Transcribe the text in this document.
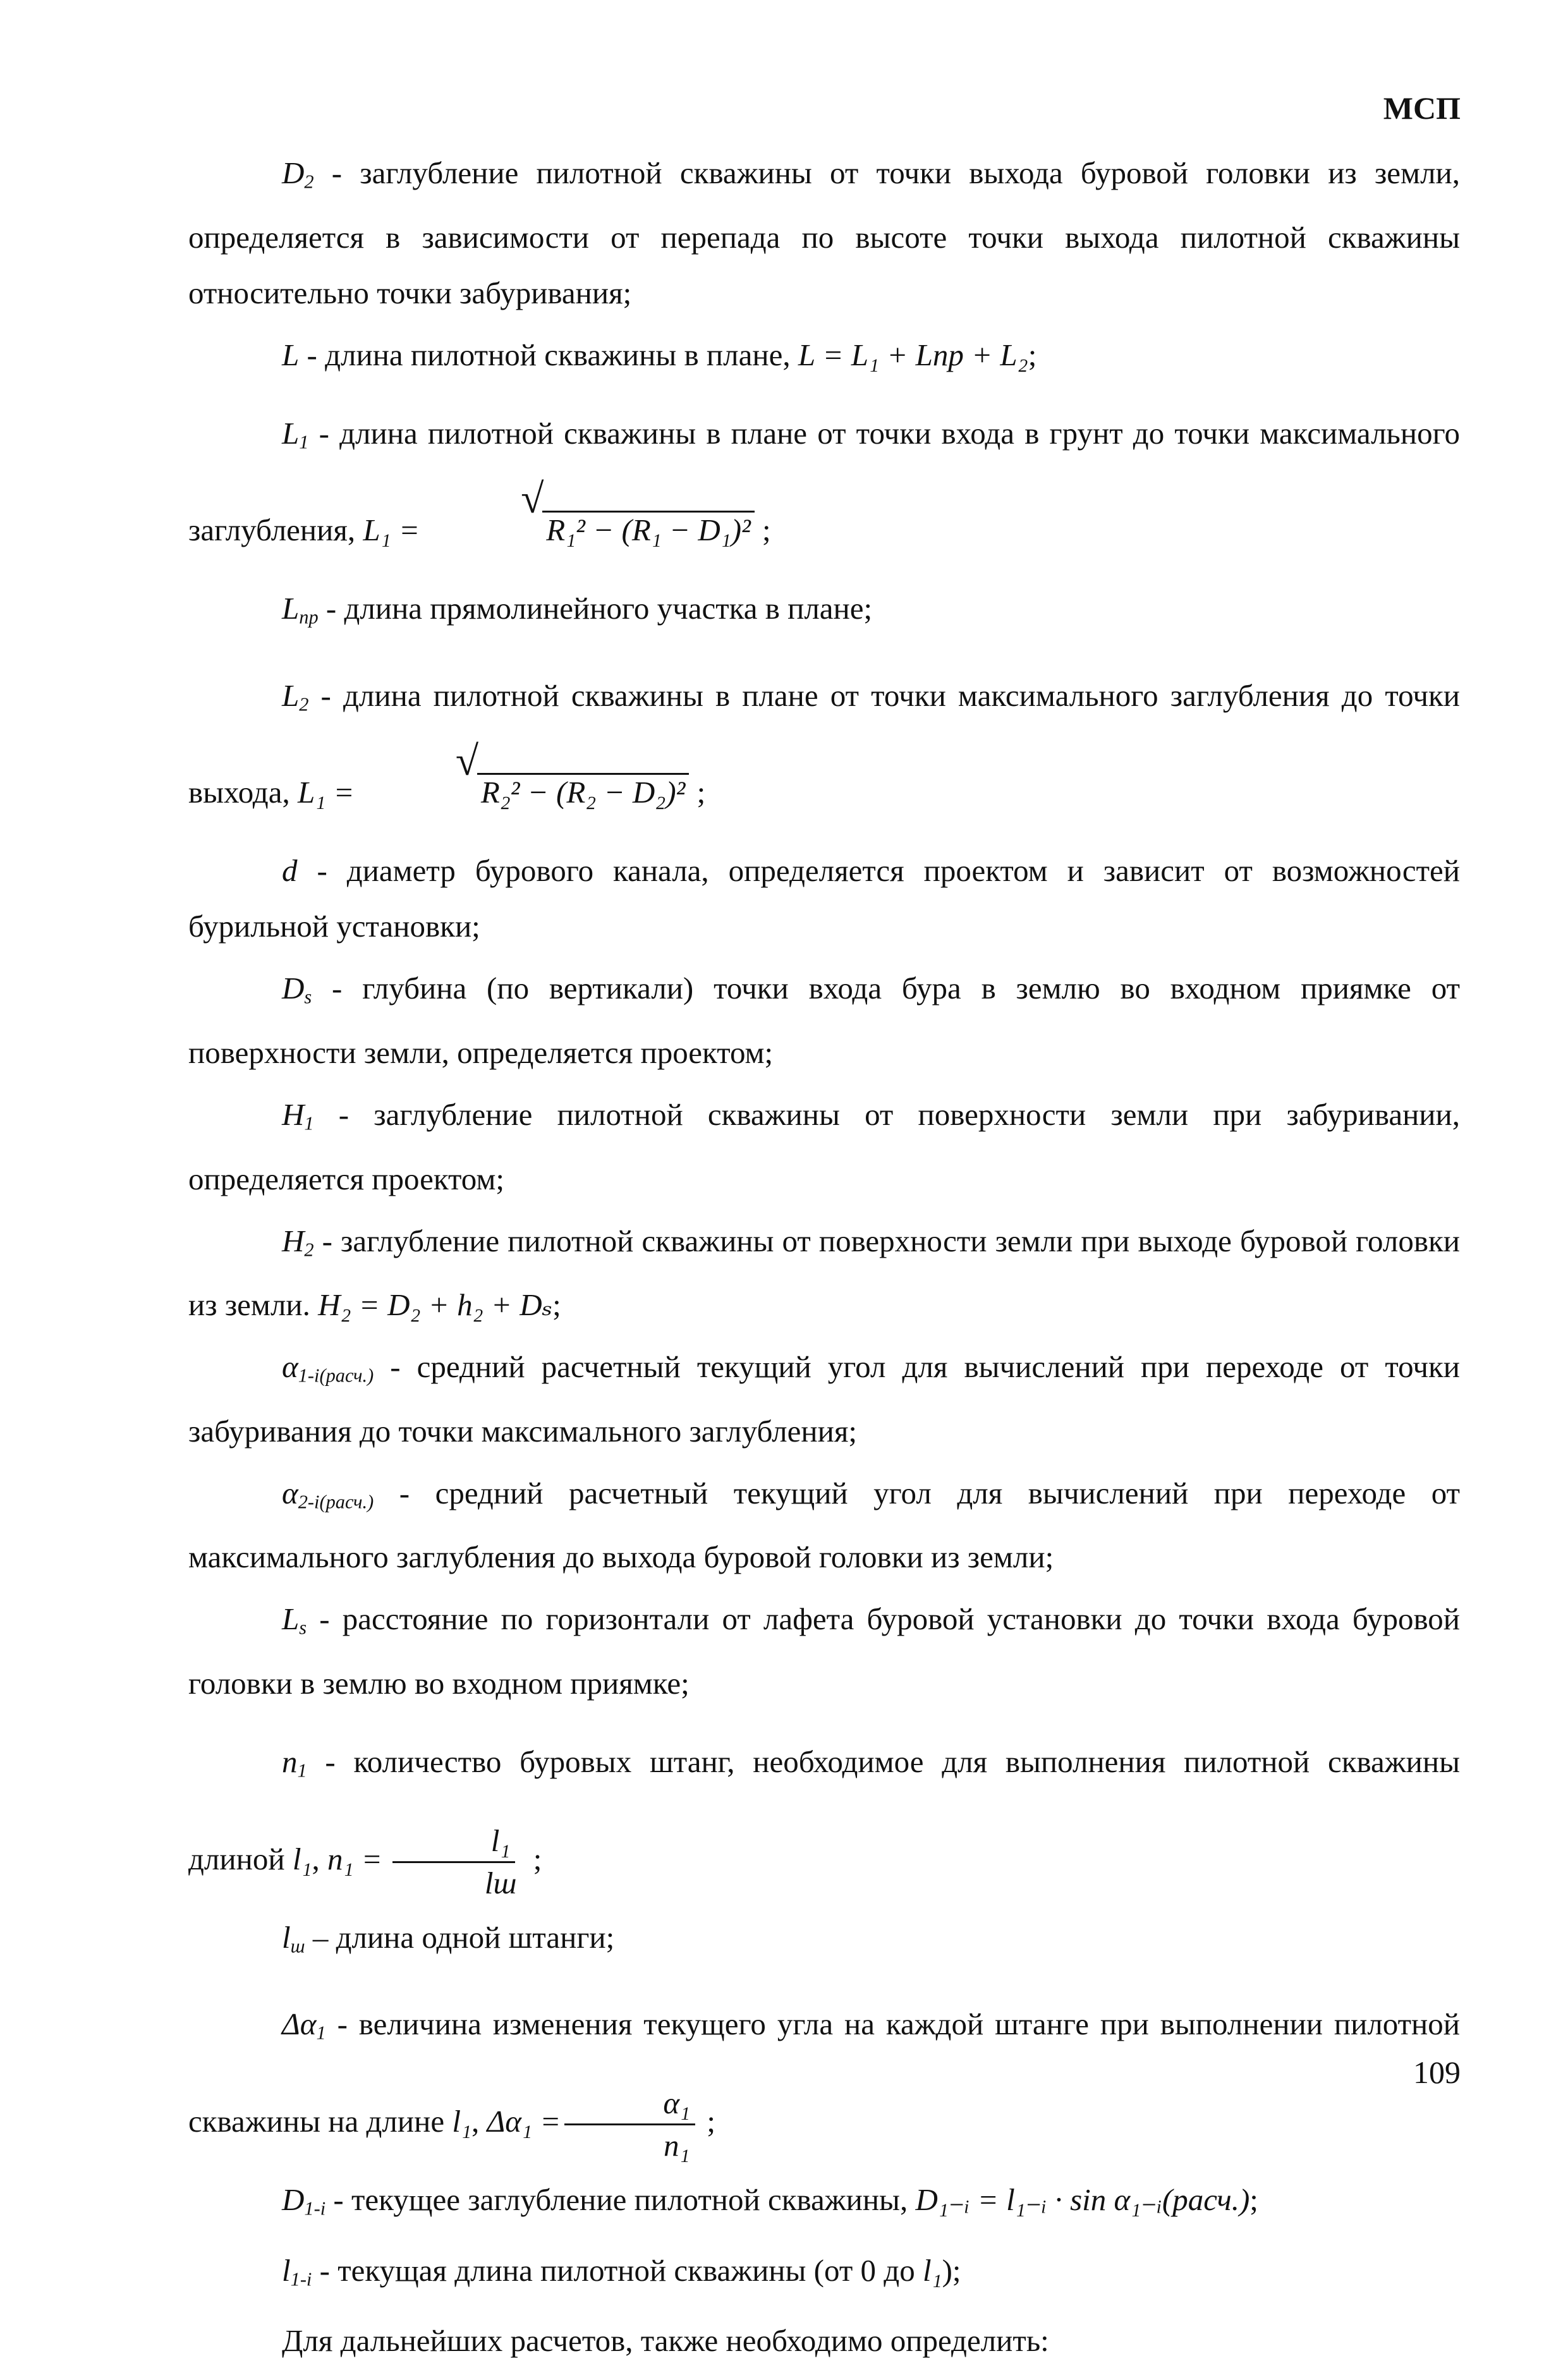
МСП

$D_2$ - заглубление пилотной скважины от точки выхода буровой головки из земли, определяется в зависимости от перепада по высоте точки выхода пилотной скважины относительно точки забуривания;

L - длина пилотной скважины в плане, L = L₁ + Lпр + L₂;

$L_1$ - длина пилотной скважины в плане от точки входа в грунт до точки максимального заглубления, L₁ =
√
R₁² − (R₁ − D₁)² ;

$L_{пр}$ - длина прямолинейного участка в плане;

$L_2$ - длина пилотной скважины в плане от точки максимального заглубления до точки выхода, L₁ =
√
R₂² − (R₂ − D₂)² ;

d - диаметр бурового канала, определяется проектом и зависит от возможностей бурильной установки;

$D_s$ - глубина (по вертикали) точки входа бура в землю во входном приямке от поверхности земли, определяется проектом;

$H_1$ - заглубление пилотной скважины от поверхности земли при забуривании, определяется проектом;

$H_2$ - заглубление пилотной скважины от поверхности земли при выходе буровой головки из земли. H₂ = D₂ + h₂ + Dₛ;

$\alpha_{1-i(расч.)}$ - средний расчетный текущий угол для вычислений при переходе от точки забуривания до точки максимального заглубления;

$\alpha_{2-i(расч.)}$ - средний расчетный текущий угол для вычислений при переходе от максимального заглубления до выхода буровой головки из земли;

$L_s$ - расстояние по горизонтали от лафета буровой установки до точки входа буровой головки в землю во входном приямке;

$n_1$ - количество буровых штанг, необходимое для выполнения пилотной скважины длиной l₁, $n_1 = \frac{\text{l₁}}{lш}$ ;

$l_ш$ – длина одной штанги;

$\Delta\alpha_1$ - величина изменения текущего угла на каждой штанге при выполнении пилотной скважины на длине l₁, $\Delta\alpha_1 = \frac{\text{α₁}}{\text{n₁}}$ ;

$D_{1-i}$ - текущее заглубление пилотной скважины, D₁₋ᵢ = l₁₋ᵢ · sin α₁₋ᵢ(расч.);

$l_{1-i}$ - текущая длина пилотной скважины (от 0 до l₁);

Для дальнейших расчетов, также необходимо определить:

109
